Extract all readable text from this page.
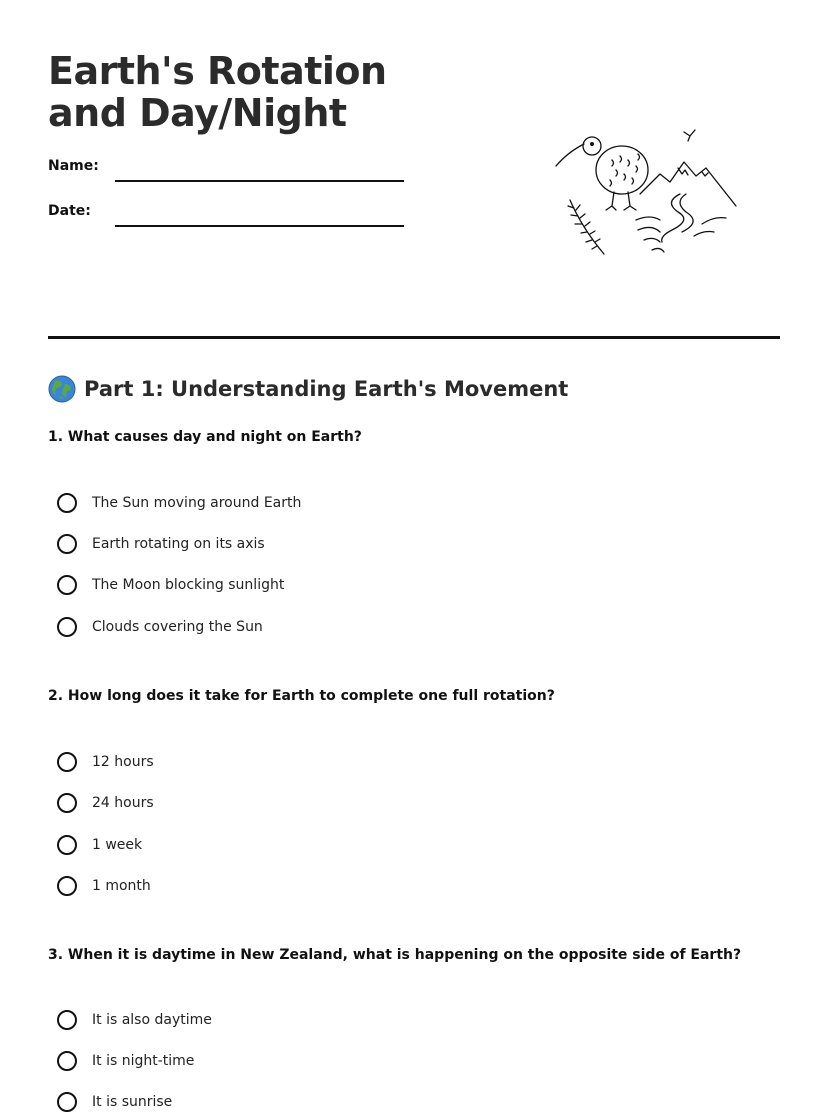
Earth's Rotation and Day/Night
Name:
Date:
Part 1: Understanding Earth's Movement

1. What causes day and night on Earth?

The Sun moving around Earth
Earth rotating on its axis
The Moon blocking sunlight
Clouds covering the Sun

2. How long does it take for Earth to complete one full rotation?

12 hours
24 hours
1 week
1 month

3. When it is daytime in New Zealand, what is happening on the opposite side of Earth?

It is also daytime
It is night-time
It is sunrise
